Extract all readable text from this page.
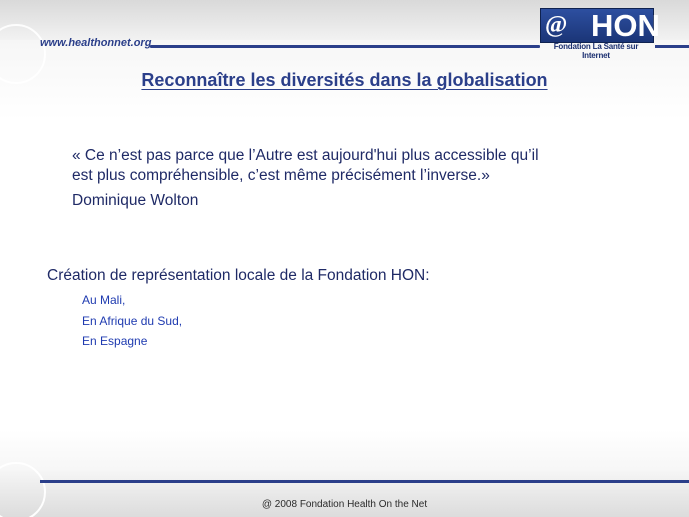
www.healthonnet.org
@ HON
Fondation La Santé sur Internet
Reconnaître les diversités dans la globalisation
« Ce n’est pas parce que l’Autre est aujourd'hui plus accessible qu’il
est plus compréhensible, c’est même précisément l’inverse.»
Dominique Wolton
Création de représentation locale de la Fondation HON:
Au Mali,
En Afrique du Sud,
En Espagne
@ 2008 Fondation Health On the Net
